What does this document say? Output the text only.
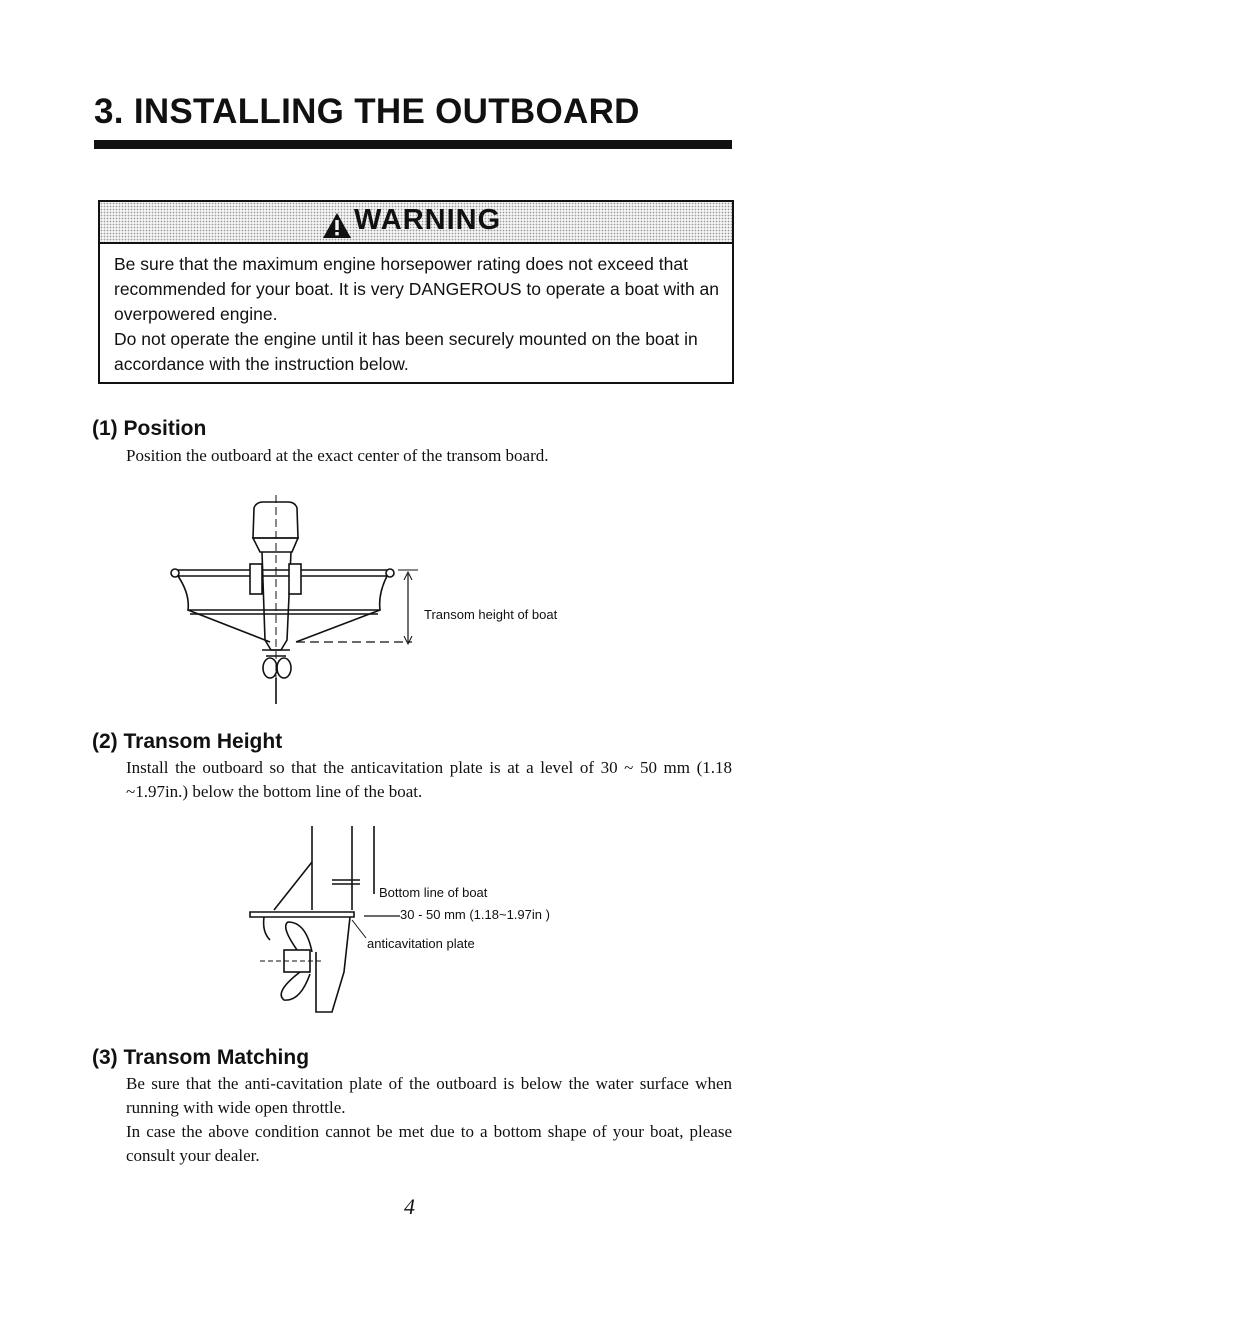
3. INSTALLING THE OUTBOARD
WARNING

Be sure that the maximum engine horsepower rating does not exceed that recommended for your boat. It is very DANGEROUS to operate a boat with an overpowered engine.

Do not operate the engine until it has been securely mounted on the boat in accordance with the instruction below.

(1) Position

Position the outboard at the exact center of the transom board.

Transom height of boat
(2) Transom Height

Install the outboard so that the anticavitation plate is at a level of 30 ~ 50 mm (1.18 ~1.97in.) below the bottom line of the boat.

Bottom line of boat
30 - 50 mm (1.18~1.97in )
anticavitation plate
(3) Transom Matching

Be sure that the anti-cavitation plate of the outboard is below the water surface when running with wide open throttle.

In case the above condition cannot be met due to a bottom shape of your boat, please consult your dealer.

4
